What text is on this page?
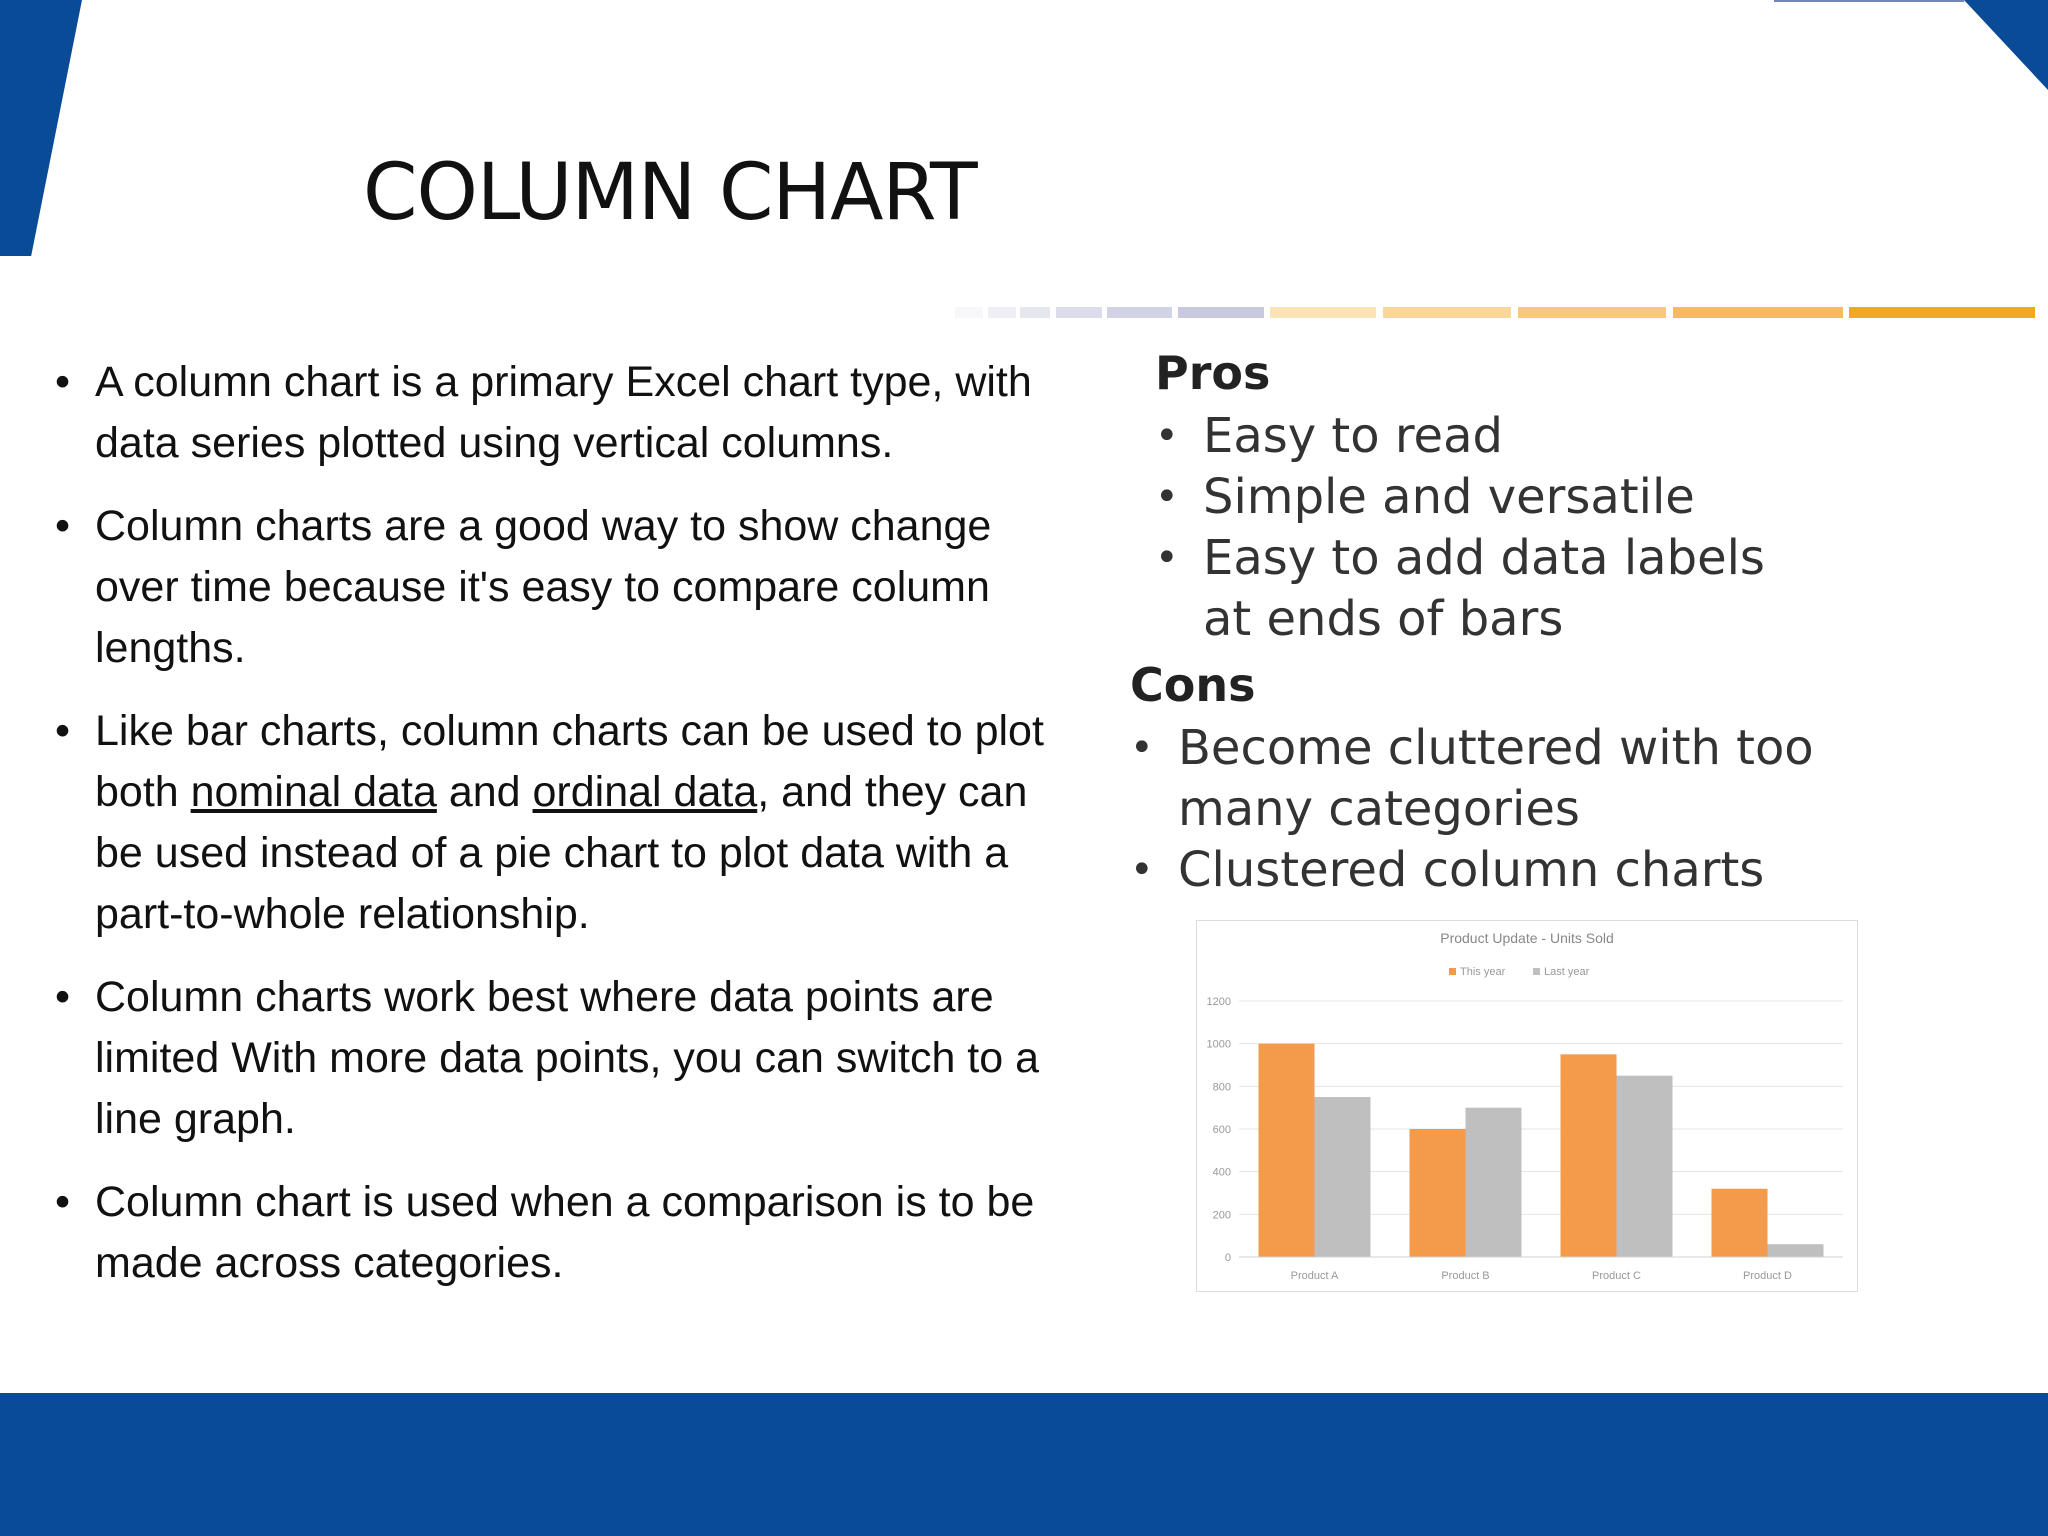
COLUMN CHART
• A column chart is a primary Excel chart type, with data series plotted using vertical columns.
• Column charts are a good way to show change over time because it's easy to compare column lengths.
• Like bar charts, column charts can be used to plot both nominal data and ordinal data, and they can be used instead of a pie chart to plot data with a part-to-whole relationship.
• Column charts work best where data points are limited With more data points, you can switch to a line graph.
• Column chart is used when a comparison is to be made across categories.
Pros
• Easy to read
• Simple and versatile
• Easy to add data labels at ends of bars
Cons
• Become cluttered with too many categories
• Clustered column charts
Product Update - Units Sold
This year	Last year
0
200
400
600
800
1000
1200
Product A	Product B	Product C	Product D
